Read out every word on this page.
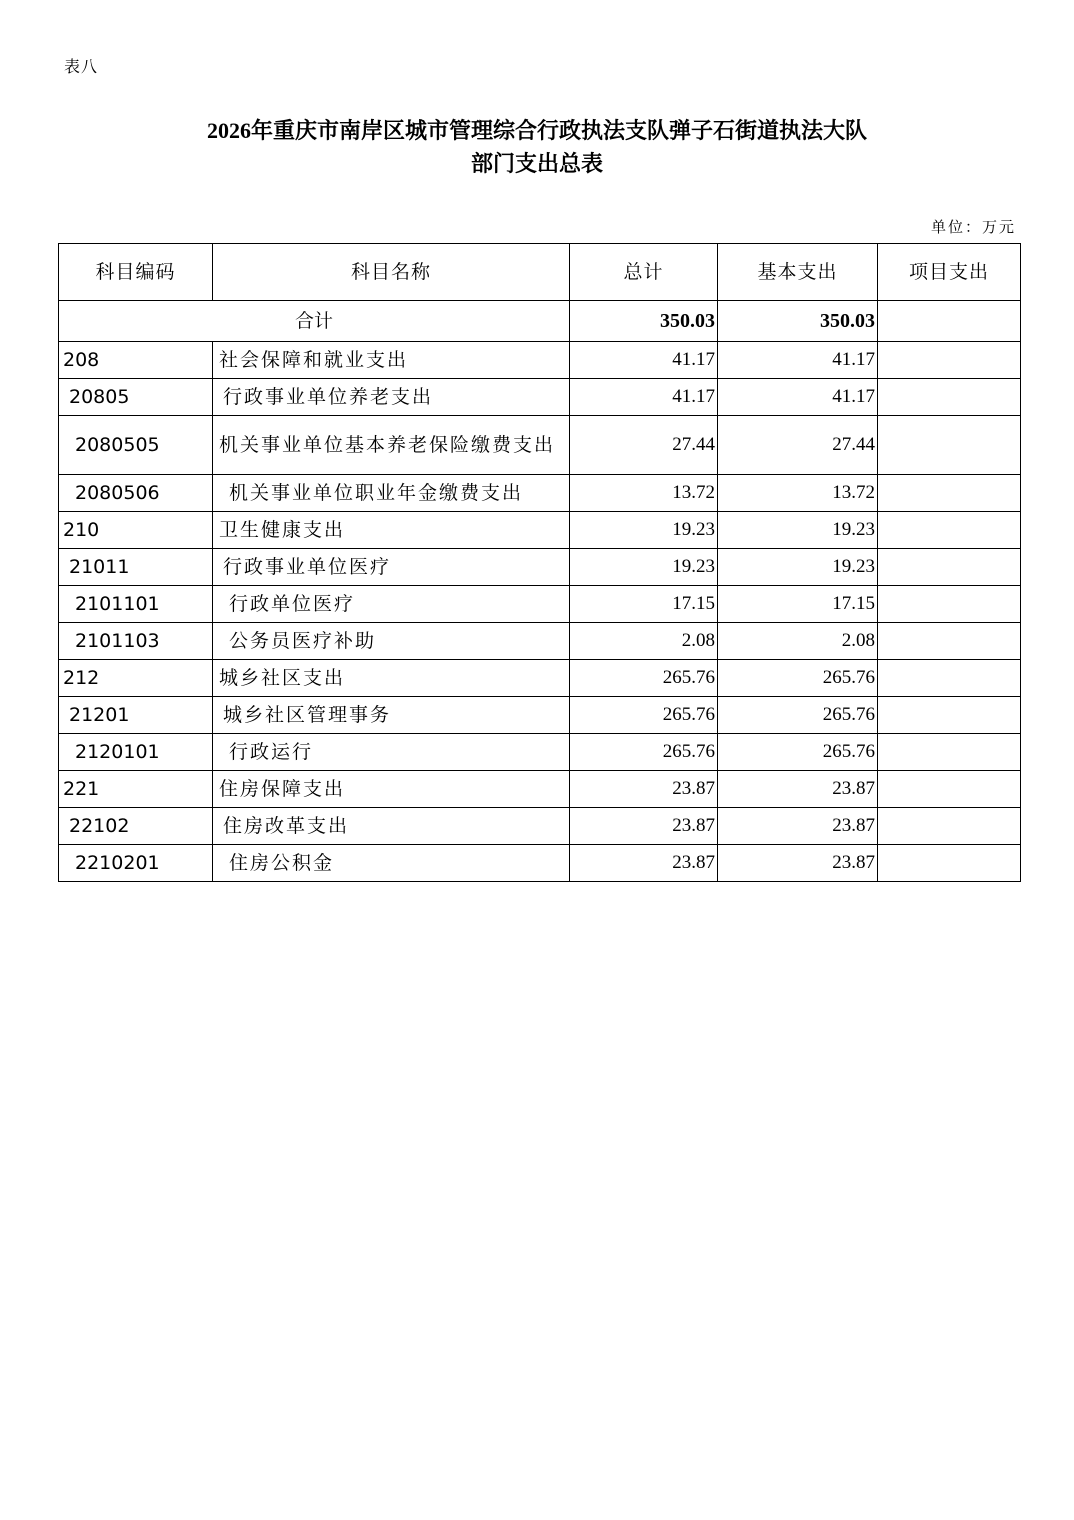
表八
2026年重庆市南岸区城市管理综合行政执法支队弹子石街道执法大队
部门支出总表
单位：万元
科目编码	科目名称	总计	基本支出	项目支出
合计		350.03	350.03	
208	社会保障和就业支出	41.17	41.17	
20805	行政事业单位养老支出	41.17	41.17	
2080505	机关事业单位基本养老保险缴费支出	27.44	27.44	
2080506	机关事业单位职业年金缴费支出	13.72	13.72	
210	卫生健康支出	19.23	19.23	
21011	行政事业单位医疗	19.23	19.23	
2101101	行政单位医疗	17.15	17.15	
2101103	公务员医疗补助	2.08	2.08	
212	城乡社区支出	265.76	265.76	
21201	城乡社区管理事务	265.76	265.76	
2120101	行政运行	265.76	265.76	
221	住房保障支出	23.87	23.87	
22102	住房改革支出	23.87	23.87	
2210201	住房公积金	23.87	23.87	
